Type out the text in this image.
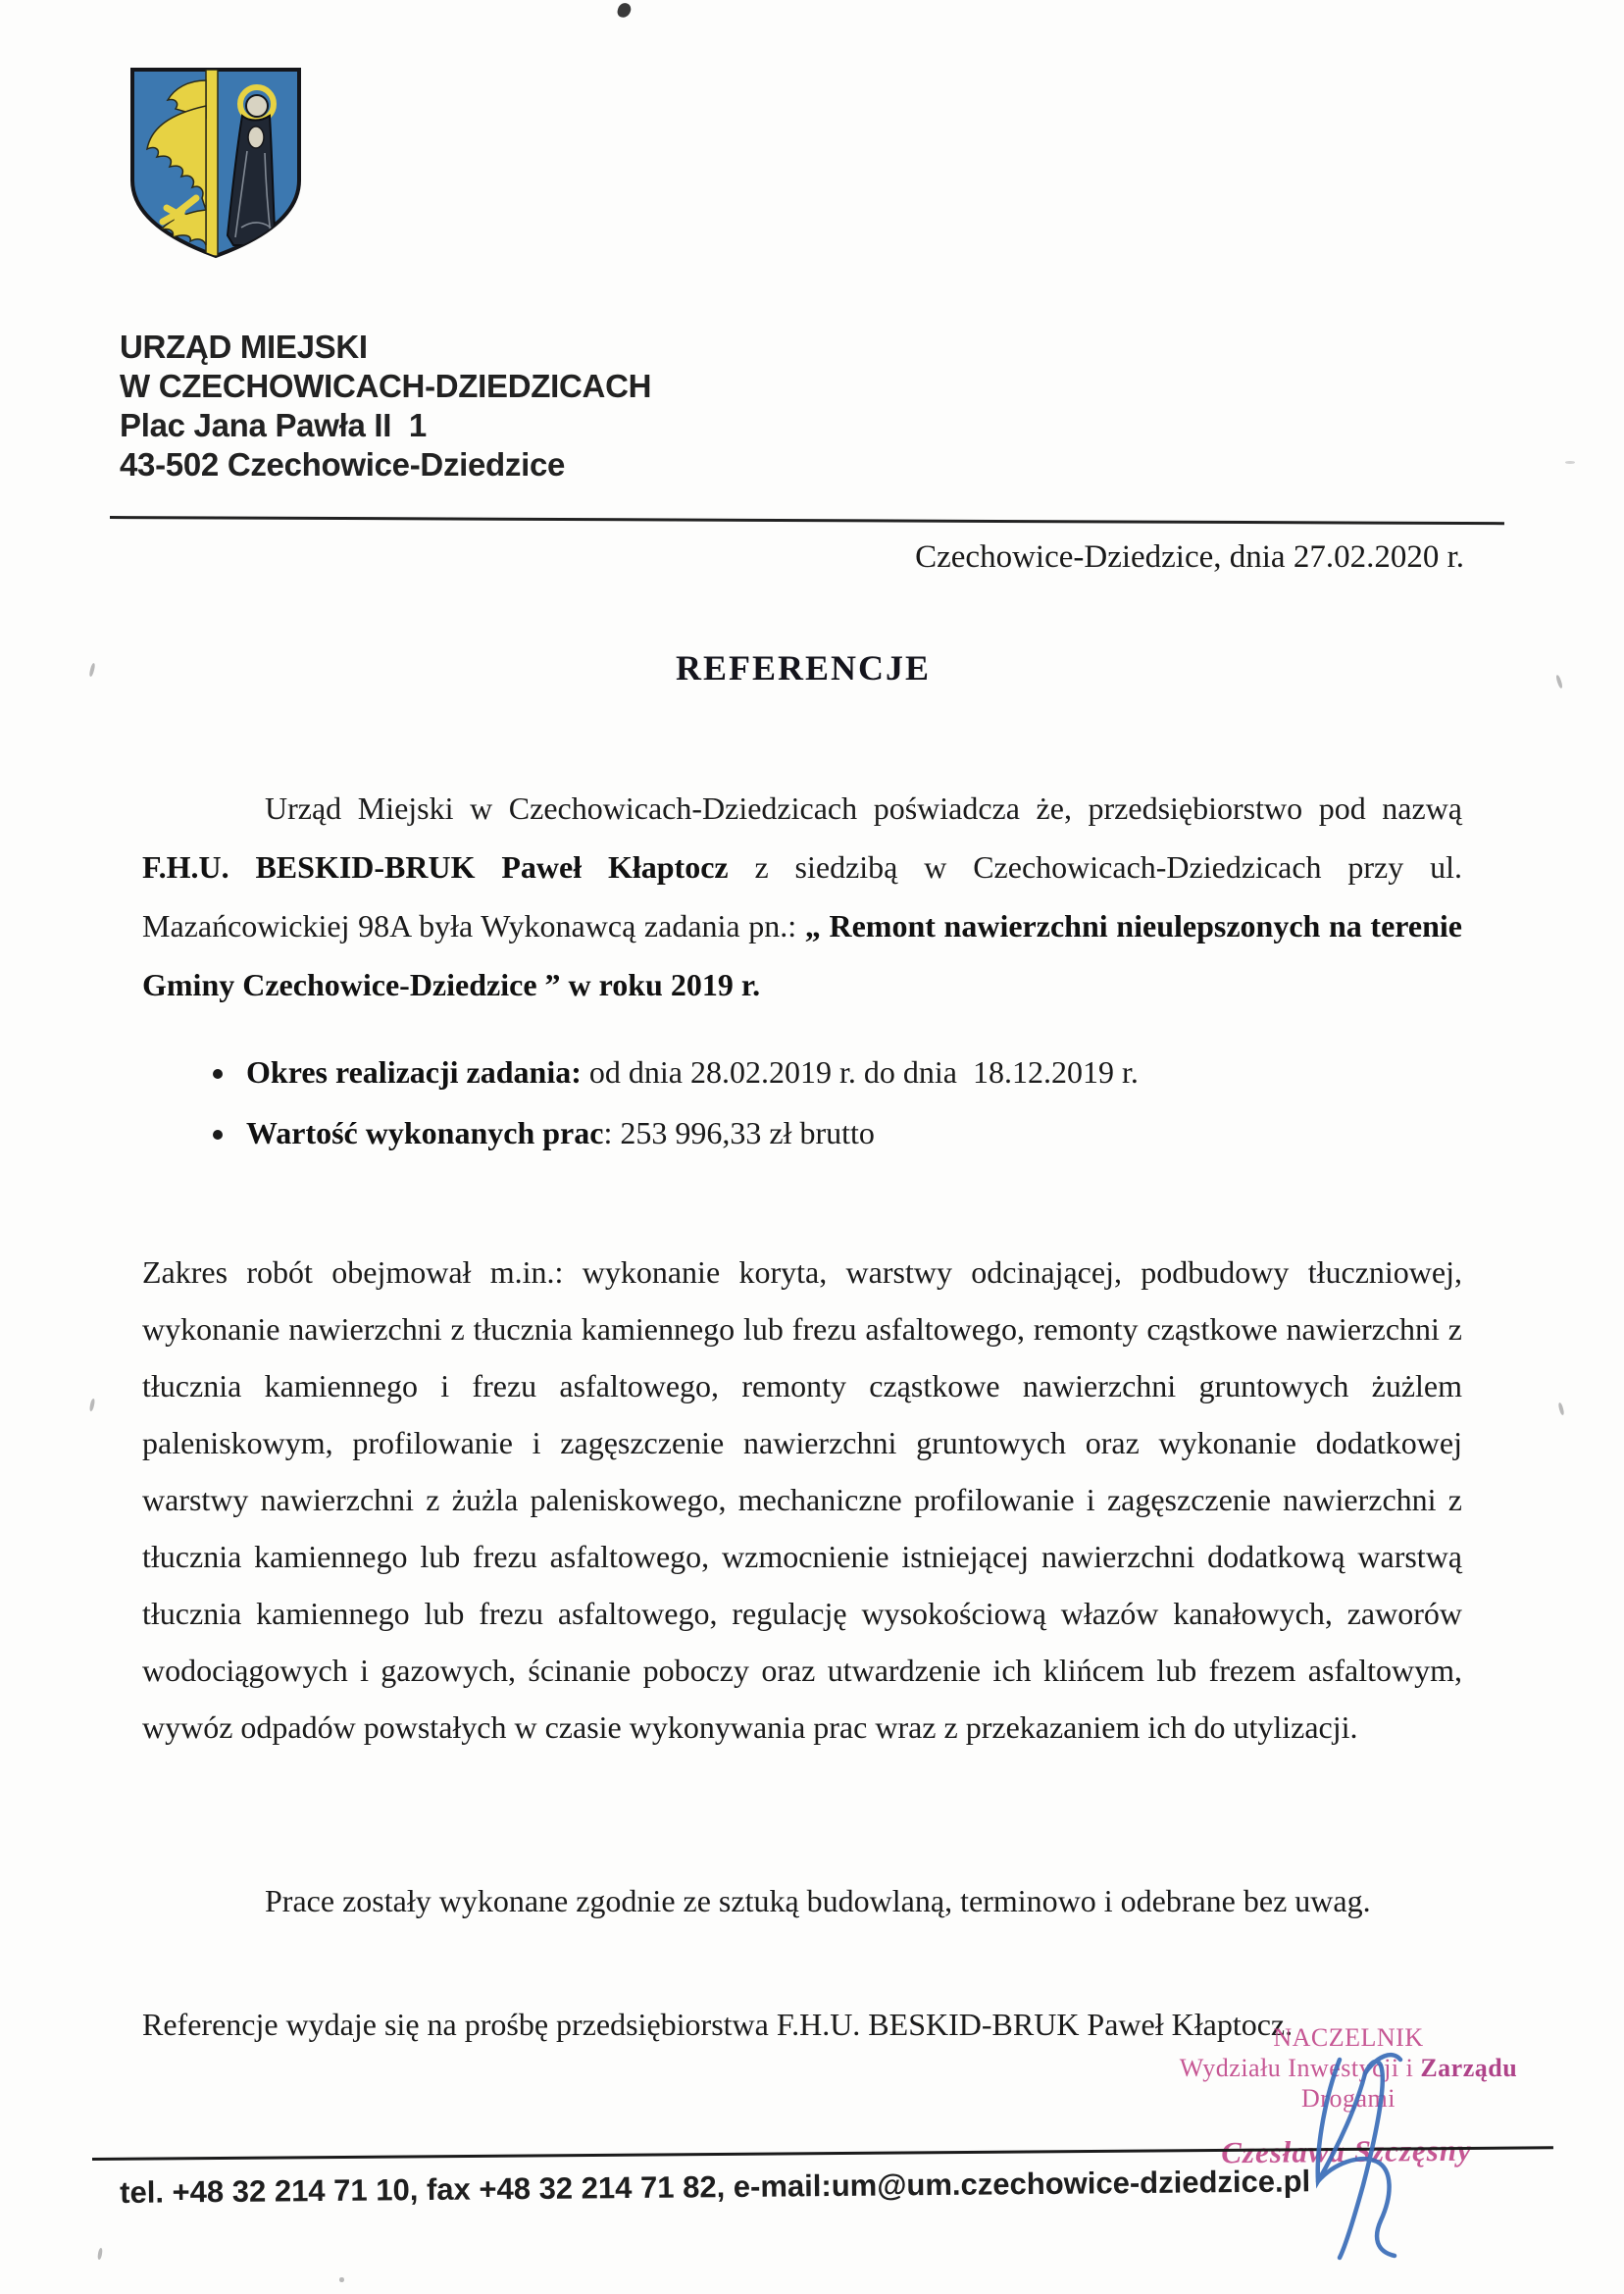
URZĄD MIEJSKI
W CZECHOWICACH-DZIEDZICACH
Plac Jana Pawła II  1
43-502 Czechowice-Dziedzice
Czechowice-Dziedzice, dnia 27.02.2020 r.
REFERENCJE

Urząd Miejski w Czechowicach-Dziedzicach poświadcza że, przedsiębiorstwo pod nazwą F.H.U. BESKID-BRUK Paweł Kłaptocz z siedzibą w Czechowicach-Dziedzicach przy ul. Mazańcowickiej 98A była Wykonawcą zadania pn.: „ Remont nawierzchni nieulepszonych na terenie Gminy Czechowice-Dziedzice ” w roku 2019 r.

• Okres realizacji zadania: od dnia 28.02.2019 r. do dnia  18.12.2019 r.
• Wartość wykonanych prac: 253 996,33 zł brutto

Zakres robót obejmował m.in.: wykonanie koryta, warstwy odcinającej, podbudowy tłuczniowej, wykonanie nawierzchni z tłucznia kamiennego lub frezu asfaltowego, remonty cząstkowe nawierzchni z tłucznia kamiennego i frezu asfaltowego, remonty cząstkowe nawierzchni gruntowych żużlem paleniskowym, profilowanie i zagęszczenie nawierzchni gruntowych oraz wykonanie dodatkowej warstwy nawierzchni z żużla paleniskowego, mechaniczne profilowanie i zagęszczenie nawierzchni z tłucznia kamiennego lub frezu asfaltowego, wzmocnienie istniejącej nawierzchni dodatkową warstwą tłucznia kamiennego lub frezu asfaltowego, regulację wysokościową włazów kanałowych, zaworów wodociągowych i gazowych, ścinanie poboczy oraz utwardzenie ich klińcem lub frezem asfaltowym, wywóz odpadów powstałych w czasie wykonywania prac wraz z przekazaniem ich do utylizacji.

Prace zostały wykonane zgodnie ze sztuką budowlaną, terminowo i odebrane bez uwag.

Referencje wydaje się na prośbę przedsiębiorstwa F.H.U. BESKID-BRUK Paweł Kłaptocz.

NACZELNIK
Wydziału Inwestycji i Zarządu
Drogami
Czesława Szczęsny
tel. +48 32 214 71 10, fax +48 32 214 71 82, e-mail:um@um.czechowice-dziedzice.pl
